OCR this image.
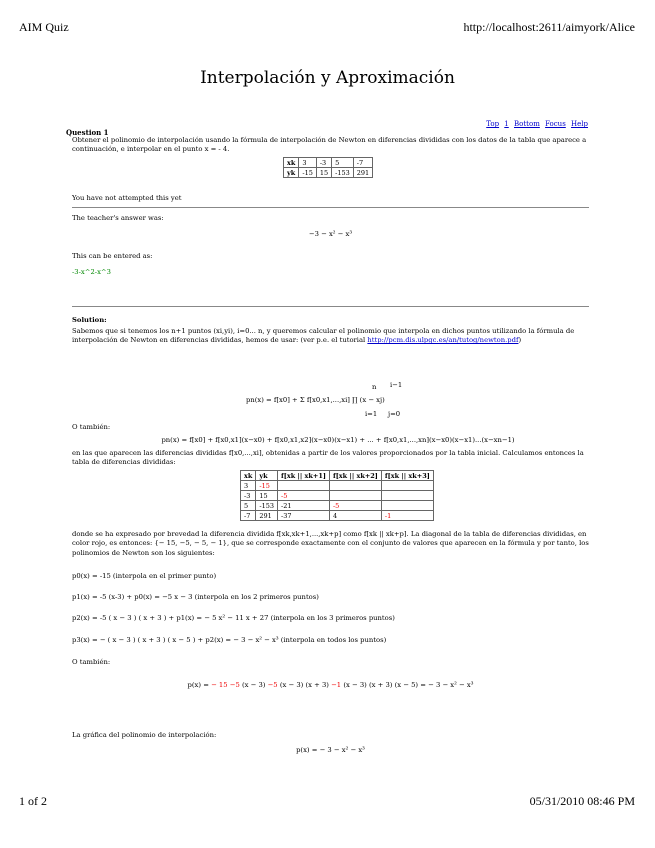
AIM Quiz	http://localhost:2611/aimyork/Alice
Interpolación y Aproximación
Question 1
Top 1 Bottom Focus Help
Obtener el polinomio de interpolación usando la fórmula de interpolación de Newton en diferencias divididas con los datos de la tabla que aparece a continuación, e interpolar en el punto x = - 4.
xk	3	-3	5	-7
yk	-15	15	-153	291
You have not attempted this yet
The teacher's answer was:
−3 − x² − x³
This can be entered as:
-3-x^2-x^3
Solution:
Sabemos que si tenemos los n+1 puntos (xi,yi), i=0... n, y queremos calcular el polinomio que interpola en dichos puntos utilizando la fórmula de interpolación de Newton en diferencias divididas, hemos de usar: (ver p.e. el tutorial http://pcm.dis.ulpgc.es/an/tutog/newton.pdf)
n i−1
pn(x) = f[x0] + Σ f[x0,x1,...,xi] ∏ (x − xj)
i=1 j=0
O también:
pn(x) = f[x0] + f[x0,x1](x−x0) + f[x0,x1,x2](x−x0)(x−x1) + ... + f[x0,x1,...,xn](x−x0)(x−x1)...(x−xn−1)
en las que aparecen las diferencias divididas f[x0,...,xi], obtenidas a partir de los valores proporcionados por la tabla inicial. Calculamos entonces la tabla de diferencias divididas:
xk	yk	f[xk || xk+1]	f[xk || xk+2]	f[xk || xk+3]
3	-15			
-3	15	-5		
5	-153	-21	-5	
-7	291	-37	4	-1
donde se ha expresado por brevedad la diferencia dividida f[xk,xk+1,...,xk+p] como f[xk || xk+p]. La diagonal de la tabla de diferencias divididas, en color rojo, es entonces: {− 15, −5, − 5, − 1}, que se corresponde exactamente con el conjunto de valores que aparecen en la fórmula y por tanto, los polinomios de Newton son los siguientes:
p0(x) = -15 (interpola en el primer punto)
p1(x) = -5 (x-3) + p0(x) = −5 x − 3 (interpola en los 2 primeros puntos)
p2(x) = -5 ( x − 3 ) ( x + 3 ) + p1(x) = − 5 x² − 11 x + 27 (interpola en los 3 primeros puntos)
p3(x) = − ( x − 3 ) ( x + 3 ) ( x − 5 ) + p2(x) = − 3 − x² − x³ (interpola en todos los puntos)
O también:
p(x) = − 15 −5 (x − 3) −5 (x − 3) (x + 3) −1 (x − 3) (x + 3) (x − 5) = − 3 − x² − x³
La gráfica del polinomio de interpolación:
p(x) = − 3 − x² − x³
1 of 2	05/31/2010 08:46 PM
